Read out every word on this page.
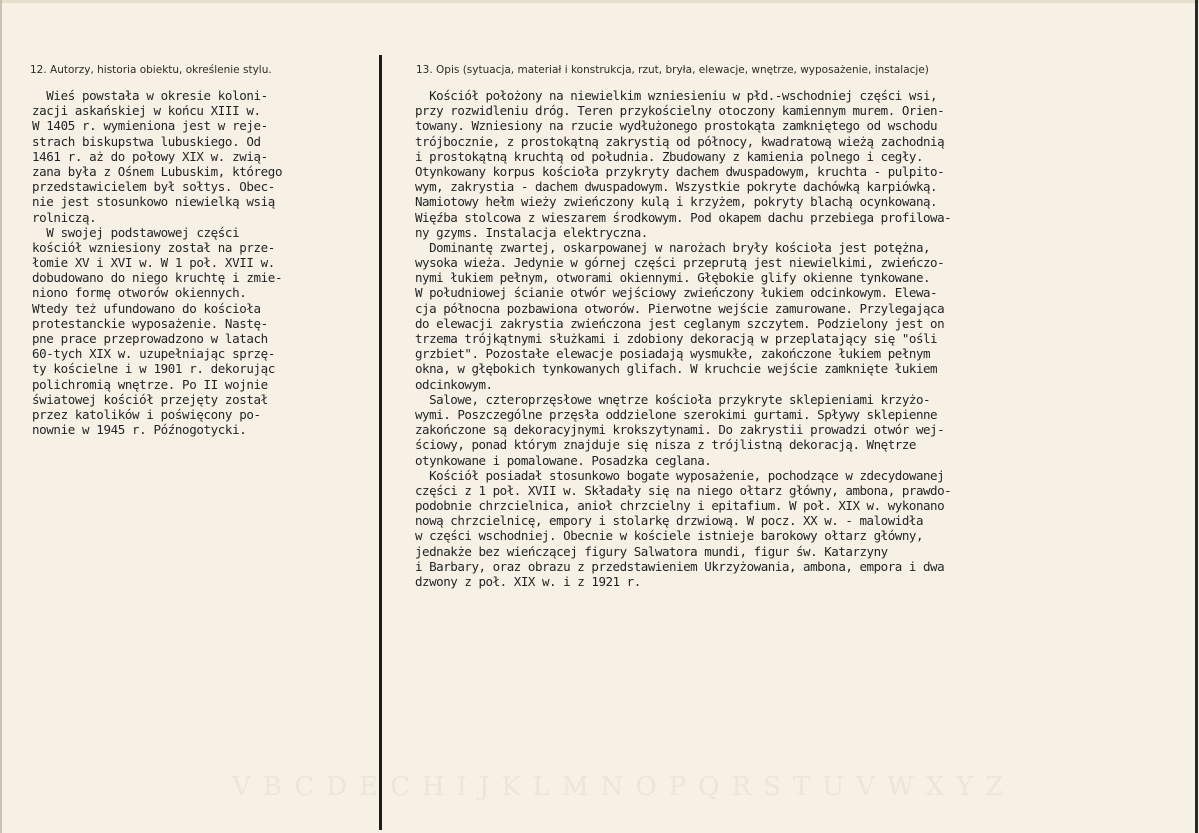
12. Autorzy, historia obiektu, określenie stylu.	13. Opis (sytuacja, materiał i konstrukcja, rzut, bryła, elewacje, wnętrze, wyposażenie, instalacje)
Wieś powstała w okresie koloni-
zacji askańskiej w końcu XIII w.
W 1405 r. wymieniona jest w reje-
strach biskupstwa lubuskiego. Od
1461 r. aż do połowy XIX w. zwią-
zana była z Ośnem Lubuskim, którego
przedstawicielem był sołtys. Obec-
nie jest stosunkowo niewielką wsią
rolniczą.
W swojej podstawowej części
kościół wzniesiony został na prze-
łomie XV i XVI w. W 1 poł. XVII w.
dobudowano do niego kruchtę i zmie-
niono formę otworów okiennych.
Wtedy też ufundowano do kościoła
protestanckie wyposażenie. Nastę-
pne prace przeprowadzono w latach
60-tych XIX w. uzupełniając sprzę-
ty kościelne i w 1901 r. dekorując
polichromią wnętrze. Po II wojnie
światowej kościół przejęty został
przez katolików i poświęcony po-
nownie w 1945 r. Późnogotycki.
Kościół położony na niewielkim wzniesieniu w płd.-wschodniej części wsi,
przy rozwidleniu dróg. Teren przykościelny otoczony kamiennym murem. Orien-
towany. Wzniesiony na rzucie wydłużonego prostokąta zamkniętego od wschodu
trójbocznie, z prostokątną zakrystią od północy, kwadratową wieżą zachodnią
i prostokątną kruchtą od południa. Zbudowany z kamienia polnego i cegły.
Otynkowany korpus kościoła przykryty dachem dwuspadowym, kruchta - pulpito-
wym, zakrystia - dachem dwuspadowym. Wszystkie pokryte dachówką karpiówką.
Namiotowy hełm wieży zwieńczony kulą i krzyżem, pokryty blachą ocynkowaną.
Więźba stolcowa z wieszarem środkowym. Pod okapem dachu przebiega profilowa-
ny gzyms. Instalacja elektryczna.
Dominantę zwartej, oskarpowanej w narożach bryły kościoła jest potężna,
wysoka wieża. Jedynie w górnej części przeprutą jest niewielkimi, zwieńczo-
nymi łukiem pełnym, otworami okiennymi. Głębokie glify okienne tynkowane.
W południowej ścianie otwór wejściowy zwieńczony łukiem odcinkowym. Elewa-
cja północna pozbawiona otworów. Pierwotne wejście zamurowane. Przylegająca
do elewacji zakrystia zwieńczona jest ceglanym szczytem. Podzielony jest on
trzema trójkątnymi służkami i zdobiony dekoracją w przeplatający się "ośli
grzbiet". Pozostałe elewacje posiadają wysmukłe, zakończone łukiem pełnym
okna, w głębokich tynkowanych glifach. W kruchcie wejście zamknięte łukiem
odcinkowym.
Salowe, czteroprzęsłowe wnętrze kościoła przykryte sklepieniami krzyżo-
wymi. Poszczególne przęsła oddzielone szerokimi gurtami. Spływy sklepienne
zakończone są dekoracyjnymi krokszytynami. Do zakrystii prowadzi otwór wej-
ściowy, ponad którym znajduje się nisza z trójlistną dekoracją. Wnętrze
otynkowane i pomalowane. Posadzka ceglana.
Kościół posiadał stosunkowo bogate wyposażenie, pochodzące w zdecydowanej
części z 1 poł. XVII w. Składały się na niego ołtarz główny, ambona, prawdo-
podobnie chrzcielnica, anioł chrzcielny i epitafium. W poł. XIX w. wykonano
nową chrzcielnicę, empory i stolarkę drzwiową. W pocz. XX w. - malowidła
w części wschodniej. Obecnie w kościele istnieje barokowy ołtarz główny,
jednakże bez wieńczącej figury Salwatora mundi, figur św. Katarzyny
i Barbary, oraz obrazu z przedstawieniem Ukrzyżowania, ambona, empora i dwa
dzwony z poł. XIX w. i z 1921 r.
VBCDECHIJKLMNOPQRSTUVWXYZ
